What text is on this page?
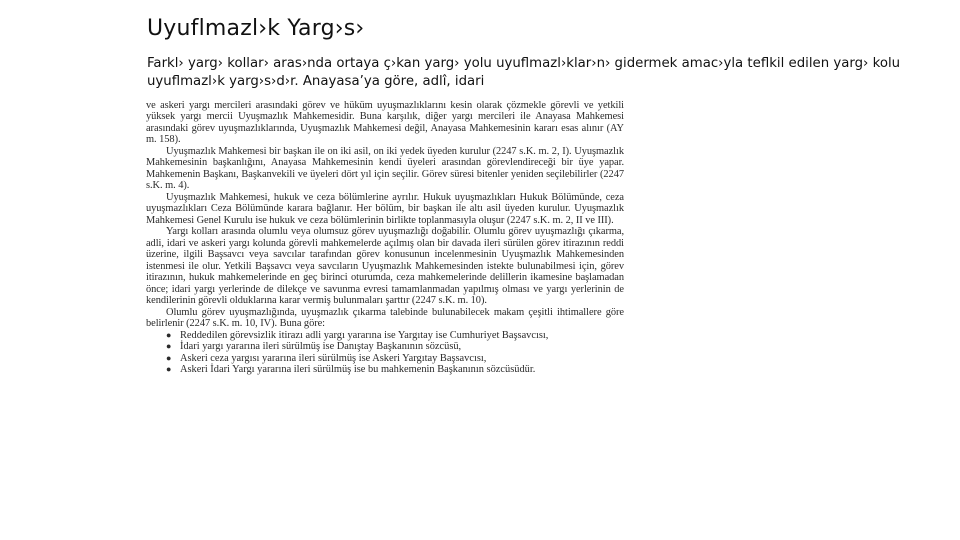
Uyuflmazl›k Yarg›s›
Farkl› yarg› kollar› aras›nda ortaya ç›kan yarg› yolu uyuflmazl›klar›n› gidermek amac›yla teflkil edilen yarg› kolu uyuflmazl›k yarg›s›d›r. Anayasa’ya göre, adlî, idari

ve askeri yargı mercileri arasındaki görev ve hüküm uyuşmazlıklarını kesin olarak çözmekle görevli ve yetkili yüksek yargı mercii Uyuşmazlık Mahkemesidir. Buna karşılık, diğer yargı mercileri ile Anayasa Mahkemesi arasındaki görev uyuşmazlıklarında, Uyuşmazlık Mahkemesi değil, Anayasa Mahkemesinin kararı esas alınır (AY m. 158).

Uyuşmazlık Mahkemesi bir başkan ile on iki asil, on iki yedek üyeden kurulur (2247 s.K. m. 2, I). Uyuşmazlık Mahkemesinin başkanlığını, Anayasa Mahkemesinin kendi üyeleri arasından görevlendireceği bir üye yapar. Mahkemenin Başkanı, Başkanvekili ve üyeleri dört yıl için seçilir. Görev süresi bitenler yeniden seçilebilirler (2247 s.K. m. 4).

Uyuşmazlık Mahkemesi, hukuk ve ceza bölümlerine ayrılır. Hukuk uyuşmazlıkları Hukuk Bölümünde, ceza uyuşmazlıkları Ceza Bölümünde karara bağlanır. Her bölüm, bir başkan ile altı asil üyeden kurulur. Uyuşmazlık Mahkemesi Genel Kurulu ise hukuk ve ceza bölümlerinin birlikte toplanmasıyla oluşur (2247 s.K. m. 2, II ve III).

Yargı kolları arasında olumlu veya olumsuz görev uyuşmazlığı doğabilir. Olumlu görev uyuşmazlığı çıkarma, adli, idari ve askeri yargı kolunda görevli mahkemelerde açılmış olan bir davada ileri sürülen görev itirazının reddi üzerine, ilgili Başsavcı veya savcılar tarafından görev konusunun incelenmesinin Uyuşmazlık Mahkemesinden istenmesi ile olur. Yetkili Başsavcı veya savcıların Uyuşmazlık Mahkemesinden istekte bulunabilmesi için, görev itirazının, hukuk mahkemelerinde en geç birinci oturumda, ceza mahkemelerinde delillerin ikamesine başlamadan önce; idari yargı yerlerinde de dilekçe ve savunma evresi tamamlanmadan yapılmış olması ve yargı yerlerinin de kendilerinin görevli olduklarına karar vermiş bulunmaları şarttır (2247 s.K. m. 10).

Olumlu görev uyuşmazlığında, uyuşmazlık çıkarma talebinde bulunabilecek makam çeşitli ihtimallere göre belirlenir (2247 s.K. m. 10, IV). Buna göre:

● Reddedilen görevsizlik itirazı adli yargı yararına ise Yargıtay ise Cumhuriyet Başsavcısı,
● İdari yargı yararına ileri sürülmüş ise Danıştay Başkanının sözcüsü,
● Askeri ceza yargısı yararına ileri sürülmüş ise Askeri Yargıtay Başsavcısı,
● Askeri İdari Yargı yararına ileri sürülmüş ise bu mahkemenin Başkanının sözcüsüdür.
